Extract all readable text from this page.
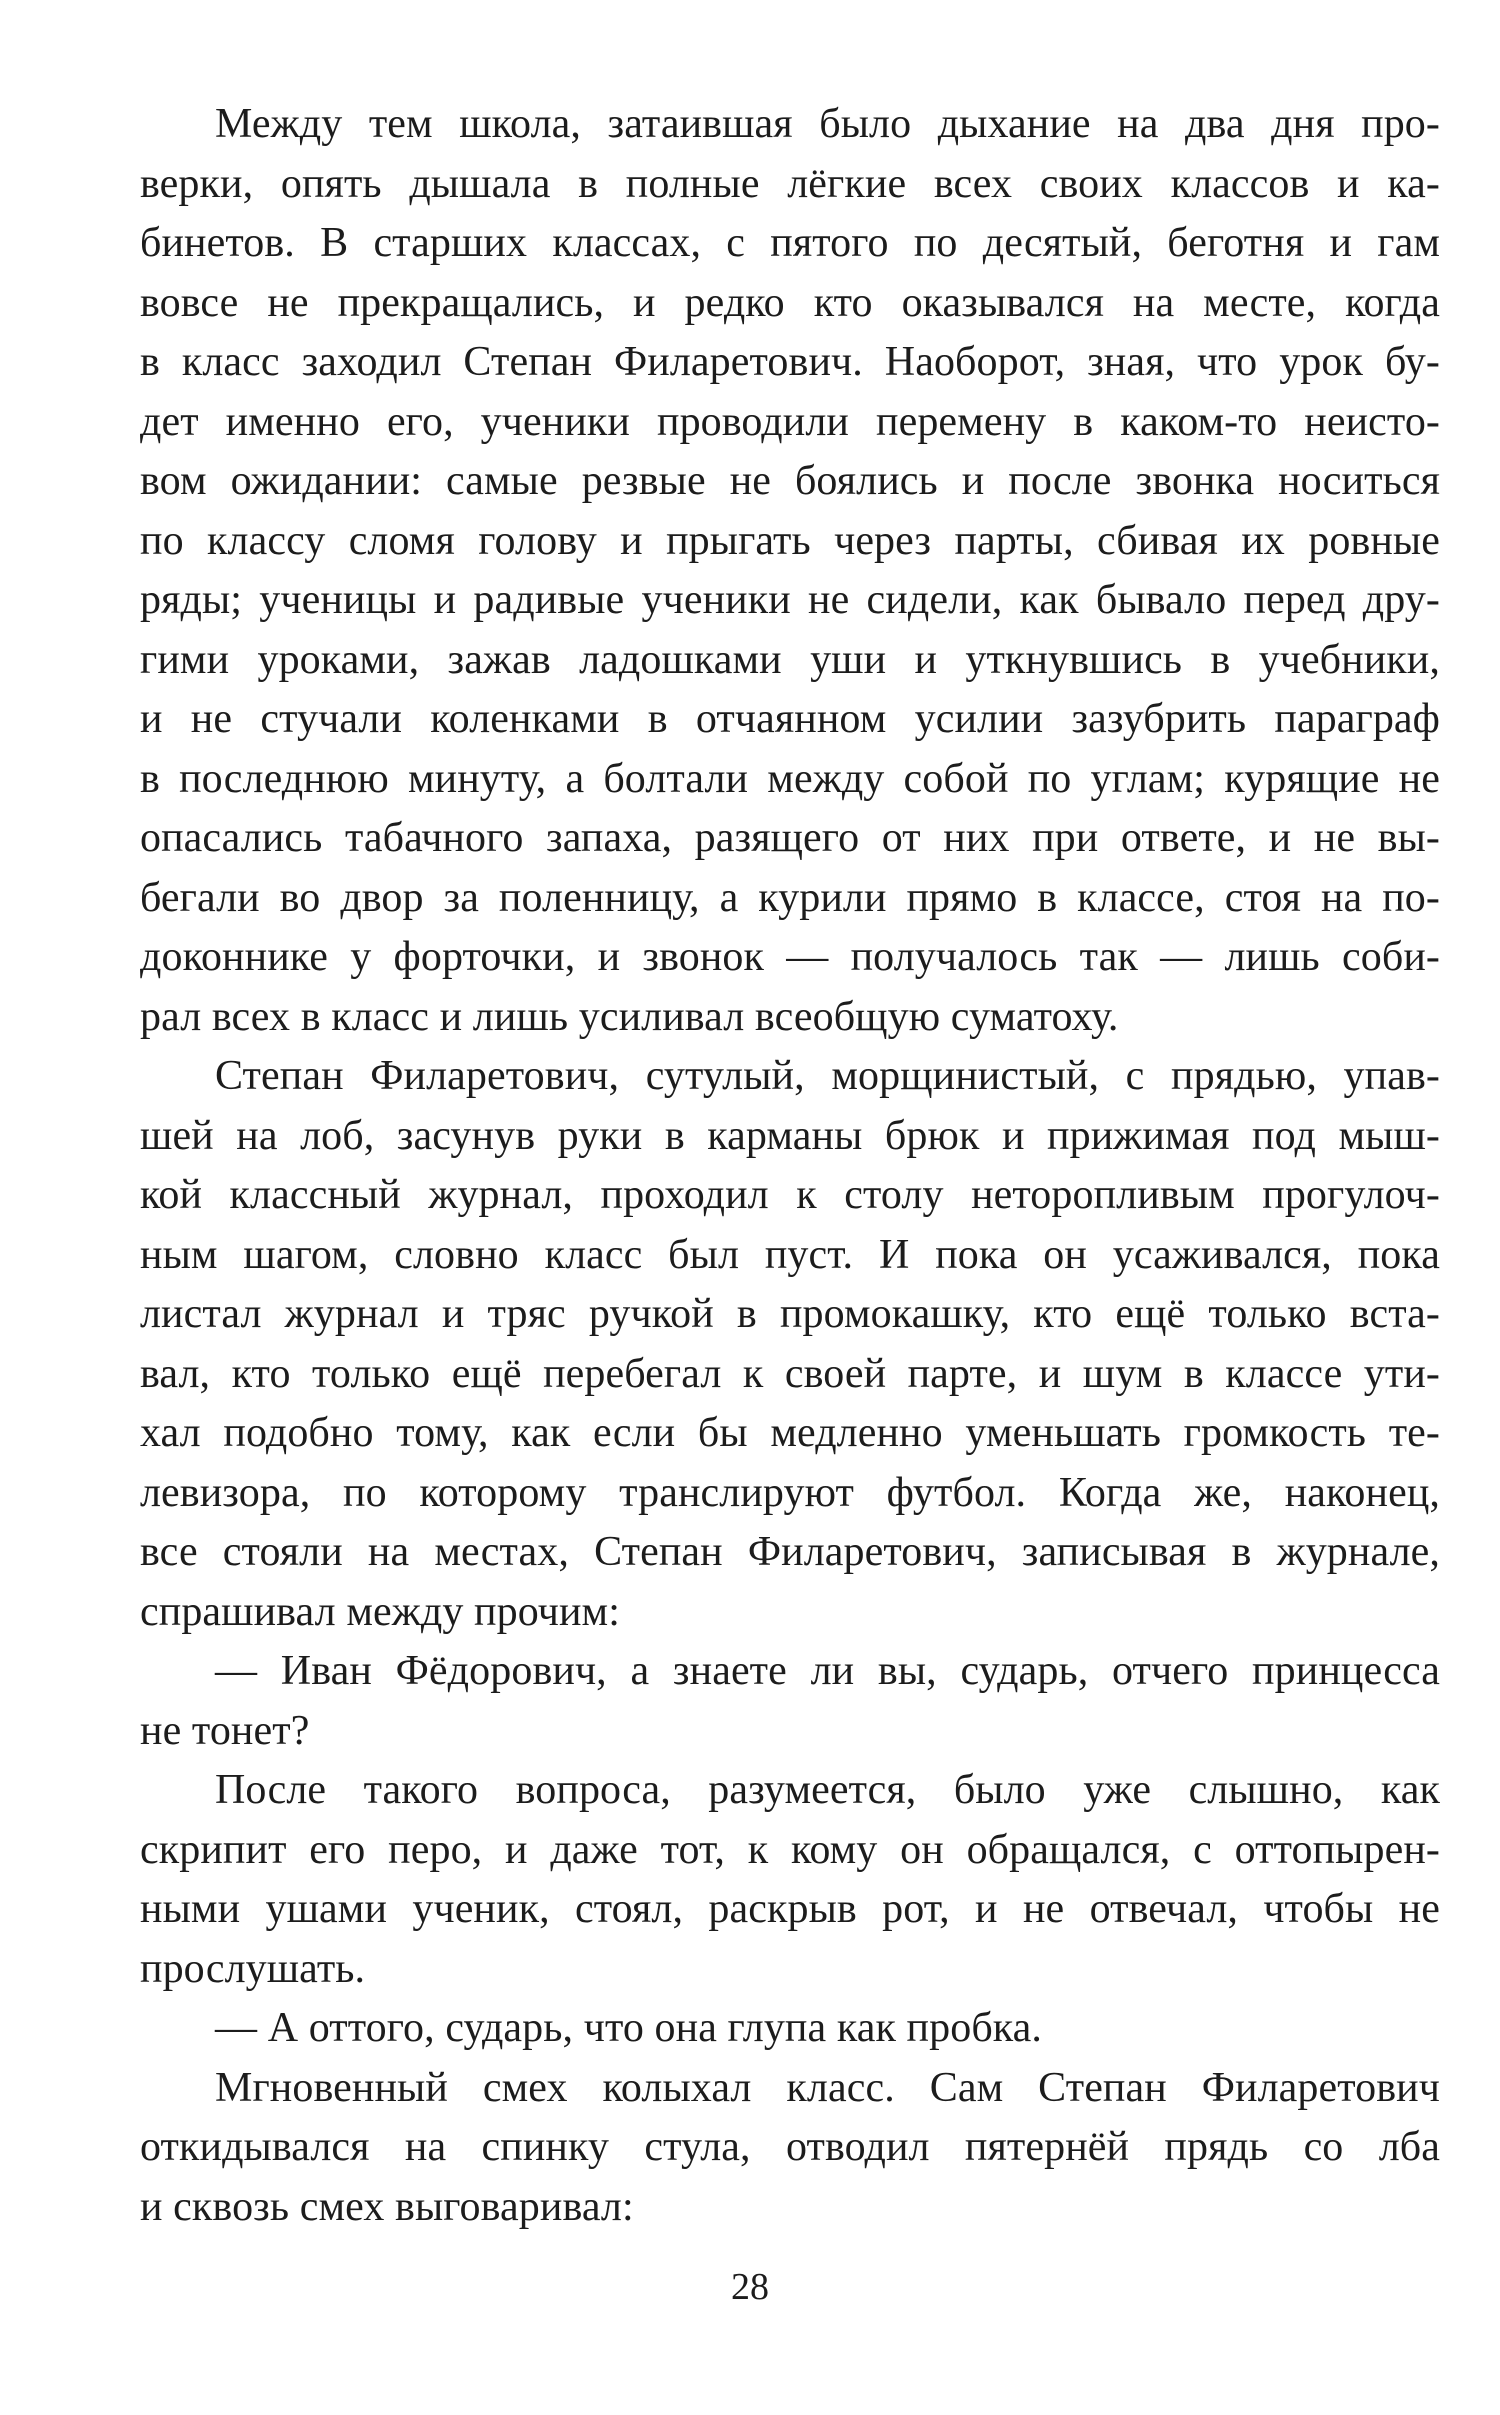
Между тем школа, затаившая было дыхание на два дня про-
верки, опять дышала в полные лёгкие всех своих классов и ка-
бинетов. В старших классах, с пятого по десятый, беготня и гам
вовсе не прекращались, и редко кто оказывался на месте, когда
в класс заходил Степан Филаретович. Наоборот, зная, что урок бу-
дет именно его, ученики проводили перемену в каком-то неисто-
вом ожидании: самые резвые не боялись и после звонка носиться
по классу сломя голову и прыгать через парты, сбивая их ровные
ряды; ученицы и радивые ученики не сидели, как бывало перед дру-
гими уроками, зажав ладошками уши и уткнувшись в учебники,
и не стучали коленками в отчаянном усилии зазубрить параграф
в последнюю минуту, а болтали между собой по углам; курящие не
опасались табачного запаха, разящего от них при ответе, и не вы-
бегали во двор за поленницу, а курили прямо в классе, стоя на по-
доконнике у форточки, и звонок — получалось так — лишь соби-
рал всех в класс и лишь усиливал всеобщую суматоху.
Степан Филаретович, сутулый, морщинистый, с прядью, упав-
шей на лоб, засунув руки в карманы брюк и прижимая под мыш-
кой классный журнал, проходил к столу неторопливым прогулоч-
ным шагом, словно класс был пуст. И пока он усаживался, пока
листал журнал и тряс ручкой в промокашку, кто ещё только вста-
вал, кто только ещё перебегал к своей парте, и шум в классе ути-
хал подобно тому, как если бы медленно уменьшать громкость те-
левизора, по которому транслируют футбол. Когда же, наконец,
все стояли на местах, Степан Филаретович, записывая в журнале,
спрашивал между прочим:
— Иван Фёдорович, а знаете ли вы, сударь, отчего принцесса
не тонет?
После такого вопроса, разумеется, было уже слышно, как
скрипит его перо, и даже тот, к кому он обращался, с оттопырен-
ными ушами ученик, стоял, раскрыв рот, и не отвечал, чтобы не
прослушать.
— А оттого, сударь, что она глупа как пробка.
Мгновенный смех колыхал класс. Сам Степан Филаретович
откидывался на спинку стула, отводил пятернёй прядь со лба
и сквозь смех выговаривал:
28
